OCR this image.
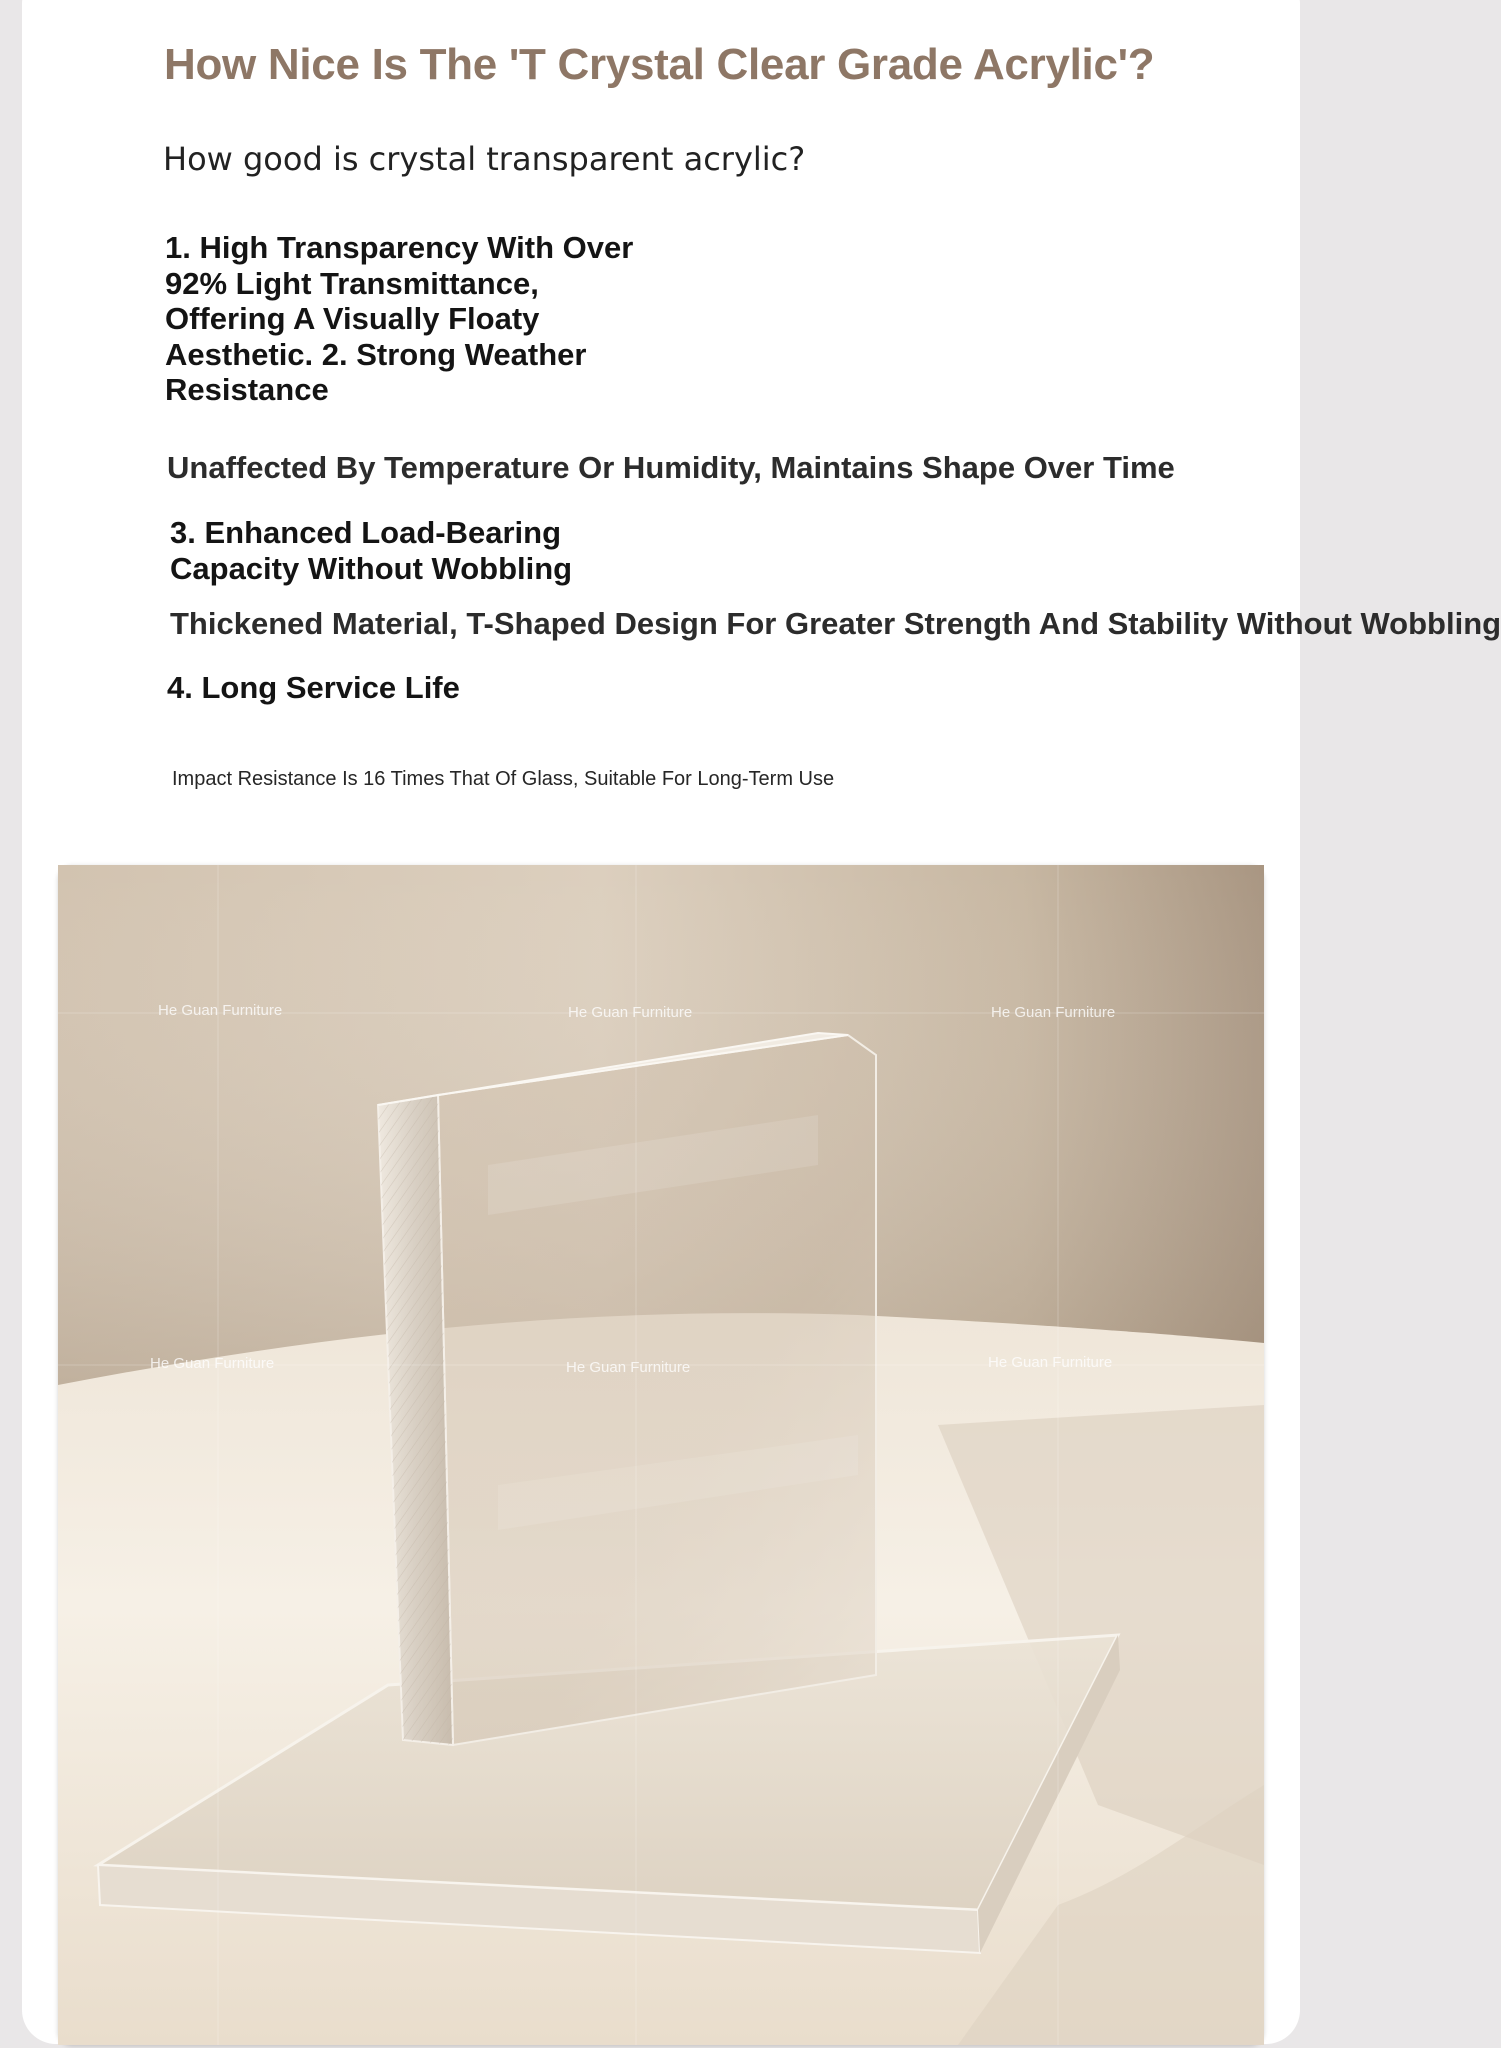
How Nice Is The 'T Crystal Clear Grade Acrylic'?
How good is crystal transparent acrylic?
1. High Transparency With Over 92% Light Transmittance, Offering A Visually Floaty Aesthetic. 2. Strong Weather Resistance
Unaffected By Temperature Or Humidity, Maintains Shape Over Time
3. Enhanced Load-Bearing Capacity Without Wobbling
Thickened Material, T-Shaped Design For Greater Strength And Stability Without Wobbling
4. Long Service Life
Impact Resistance Is 16 Times That Of Glass, Suitable For Long-Term Use
He Guan Furniture	He Guan Furniture	He Guan Furniture
He Guan Furniture	He Guan Furniture	He Guan Furniture
